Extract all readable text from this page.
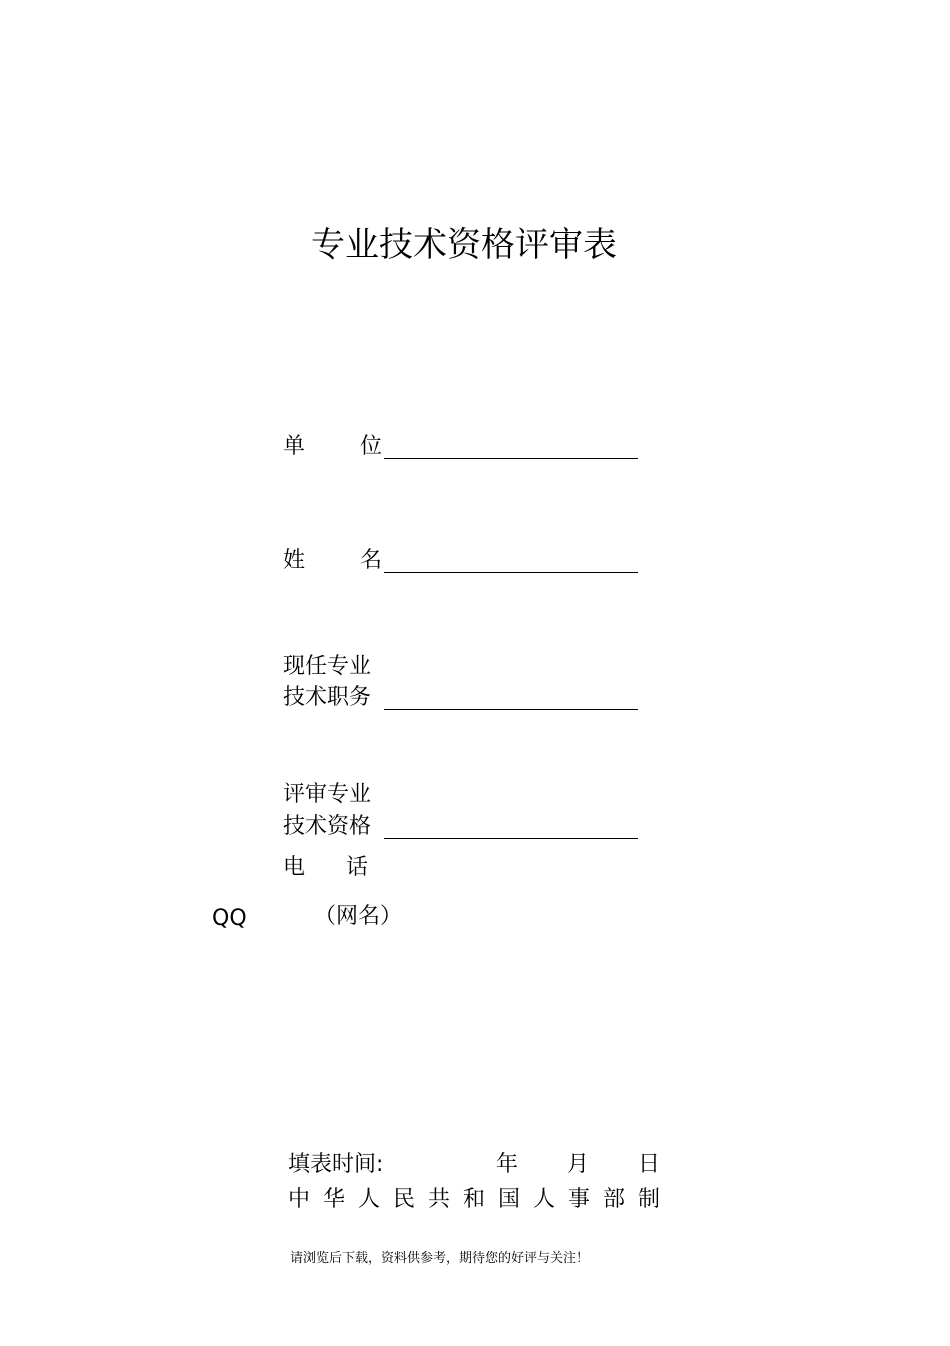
专业技术资格评审表
单 位
姓 名
现任专业
技术职务
评审专业
技术资格
电 话
QQ	（网名）
填表时间:	年 月 日
中 华 人 民 共 和 国 人 事 部 制
请浏览后下载，资料供参考，期待您的好评与关注！
